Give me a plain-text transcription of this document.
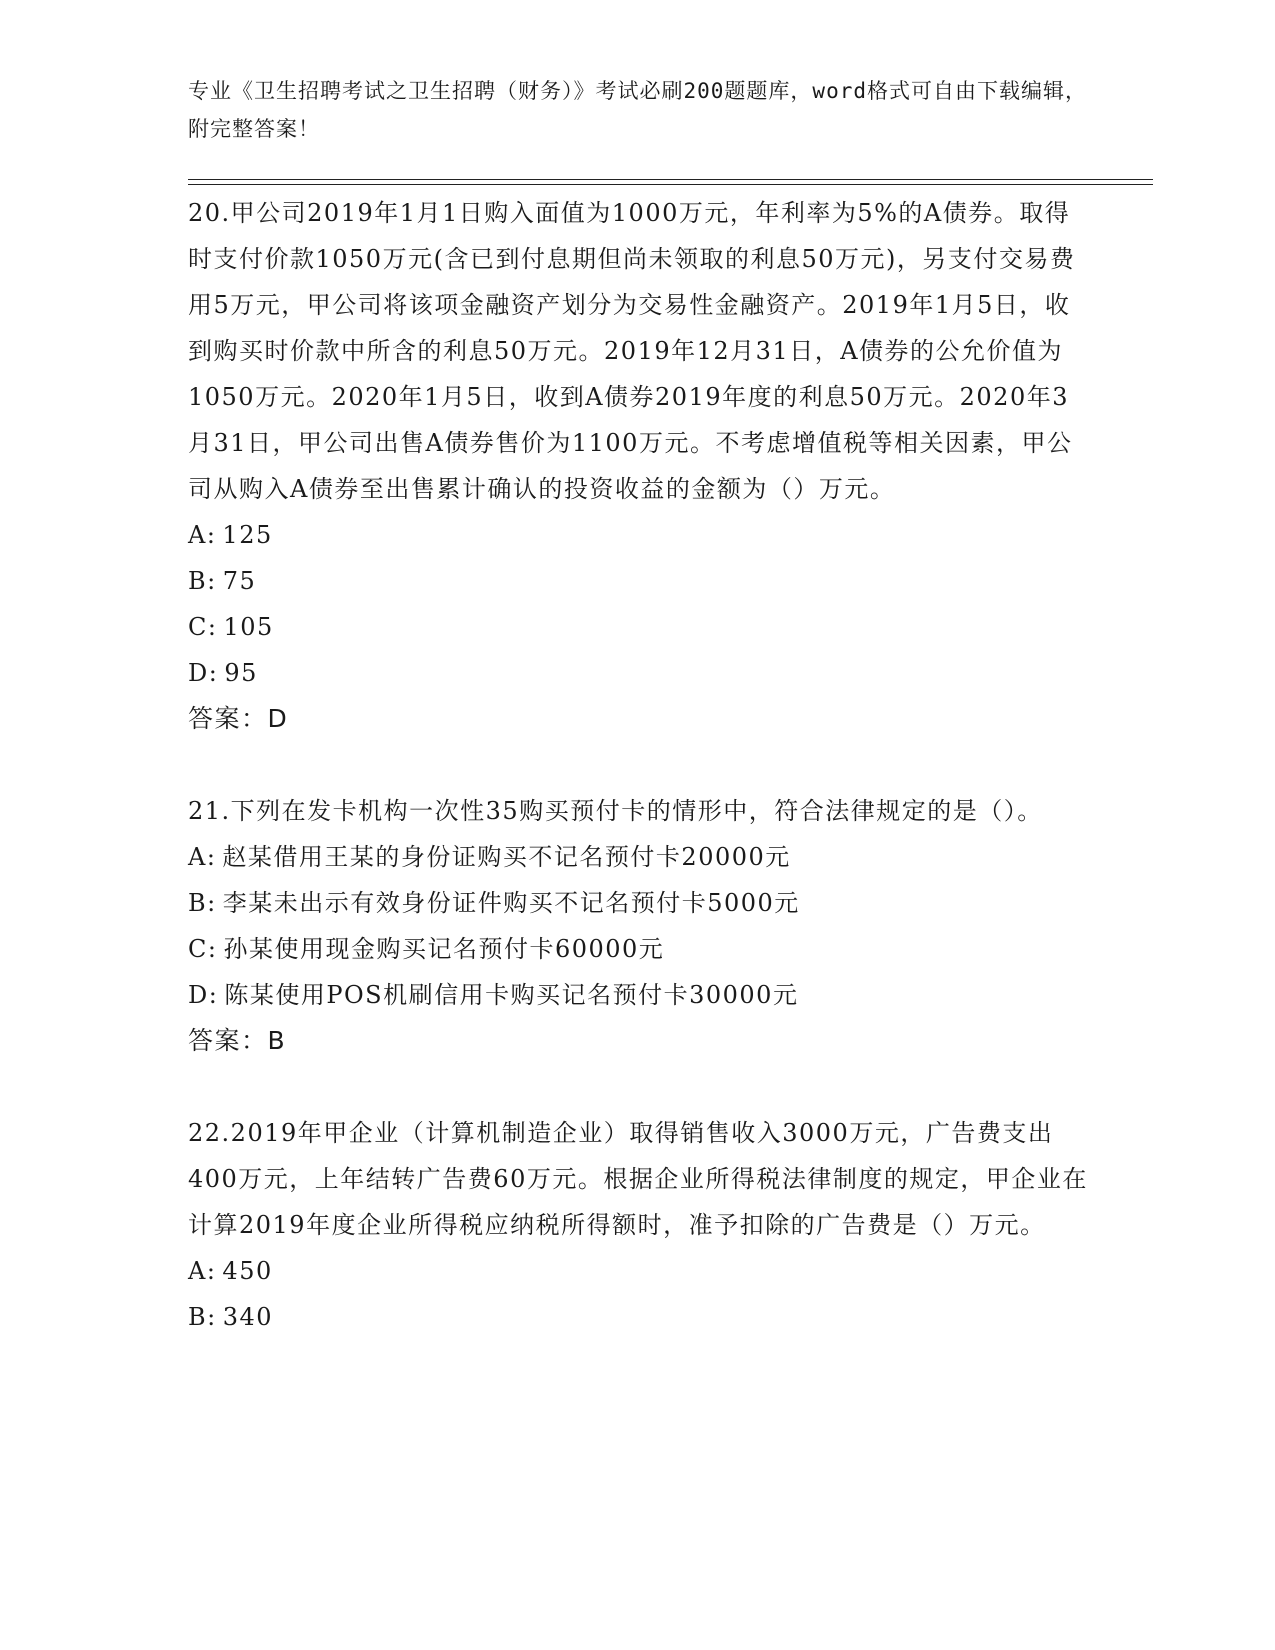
专业《卫生招聘考试之卫生招聘（财务）》考试必刷200题题库，word格式可自由下载编辑，附完整答案！

20.甲公司2019年1月1日购入面值为1000万元，年利率为5%的A债券。取得时支付价款1050万元(含已到付息期但尚未领取的利息50万元)，另支付交易费用5万元，甲公司将该项金融资产划分为交易性金融资产。2019年1月5日，收到购买时价款中所含的利息50万元。2019年12月31日，A债券的公允价值为1050万元。2020年1月5日，收到A债券2019年度的利息50万元。2020年3月31日，甲公司出售A债券售价为1100万元。不考虑增值税等相关因素，甲公司从购入A债券至出售累计确认的投资收益的金额为（）万元。

A: 125

B: 75

C: 105

D: 95

答案：D

21.下列在发卡机构一次性35购买预付卡的情形中，符合法律规定的是（）。

A: 赵某借用王某的身份证购买不记名预付卡20000元

B: 李某未出示有效身份证件购买不记名预付卡5000元

C: 孙某使用现金购买记名预付卡60000元

D: 陈某使用POS机刷信用卡购买记名预付卡30000元

答案：B

22.2019年甲企业（计算机制造企业）取得销售收入3000万元，广告费支出400万元，上年结转广告费60万元。根据企业所得税法律制度的规定，甲企业在计算2019年度企业所得税应纳税所得额时，准予扣除的广告费是（）万元。

A: 450

B: 340
